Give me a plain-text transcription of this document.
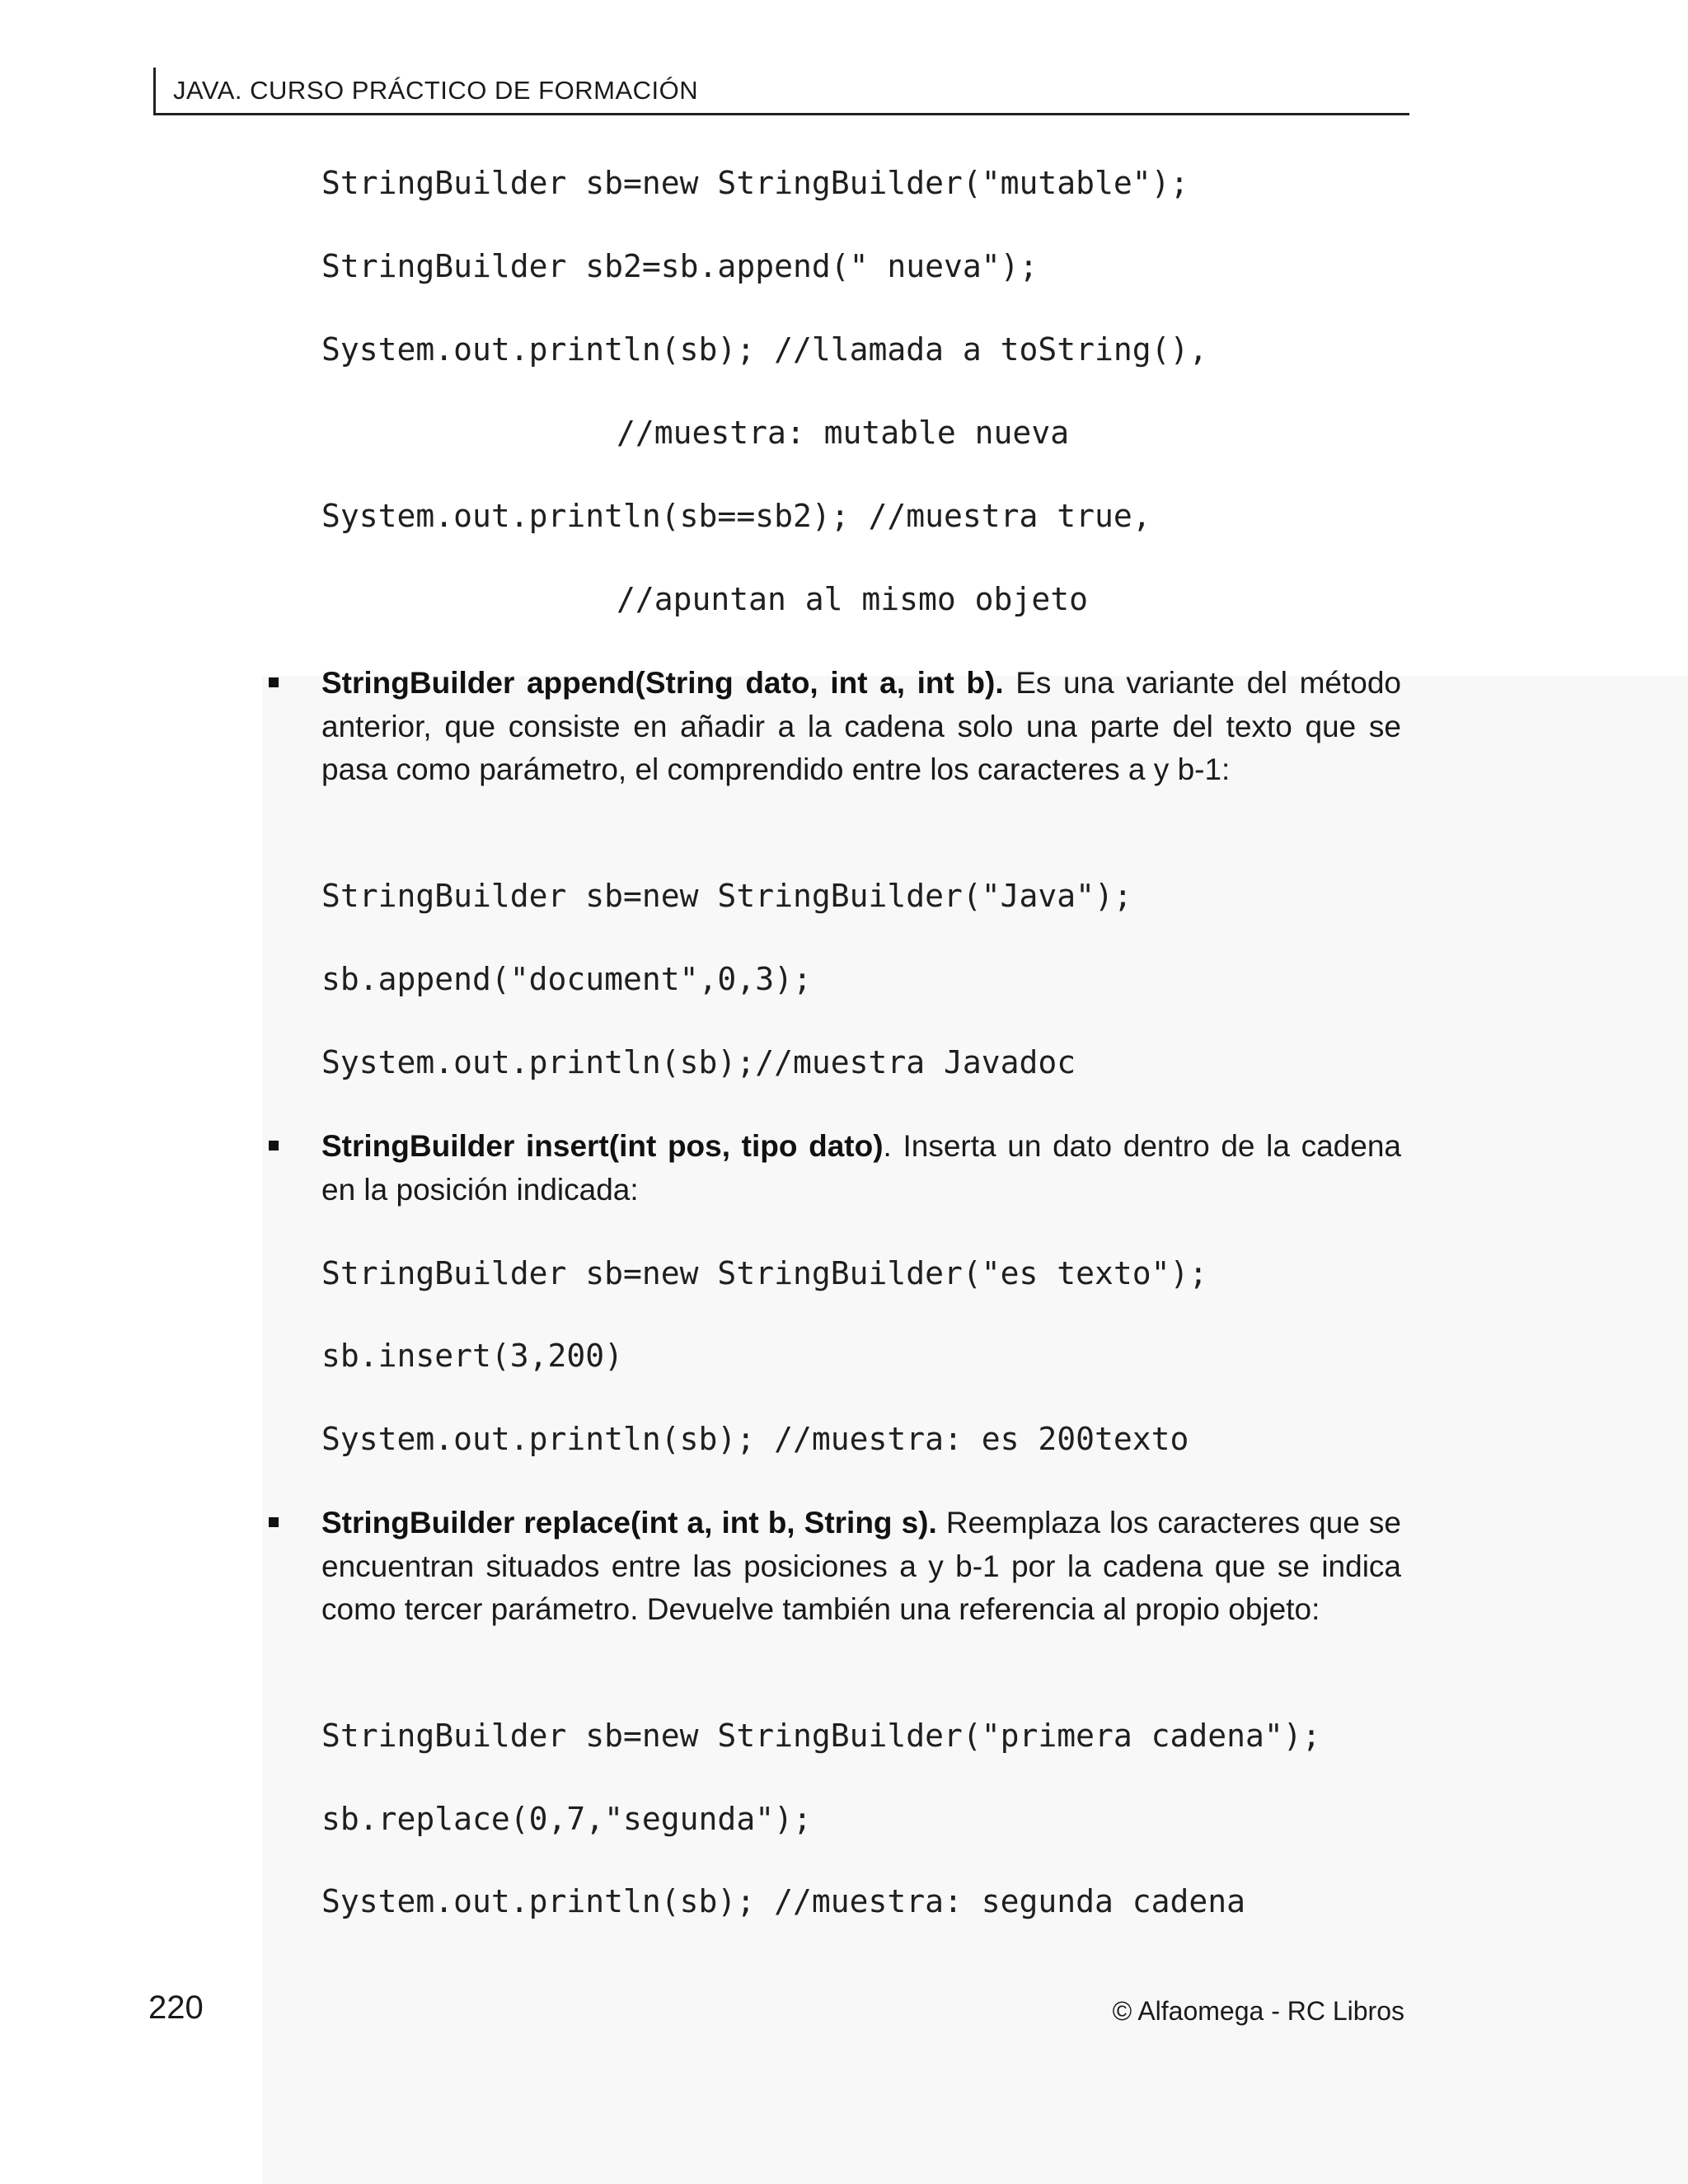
JAVA. CURSO PRÁCTICO DE FORMACIÓN
StringBuilder sb=new StringBuilder("mutable");
StringBuilder sb2=sb.append(" nueva");
System.out.println(sb); //llamada a toString(),
//muestra: mutable nueva
System.out.println(sb==sb2); //muestra true,
//apuntan al mismo objeto
StringBuilder append(String dato, int a, int b). Es una variante del método anterior, que consiste en añadir a la cadena solo una parte del texto que se pasa como parámetro, el comprendido entre los caracteres a y b-1:
StringBuilder sb=new StringBuilder("Java");
sb.append("document",0,3);
System.out.println(sb);//muestra Javadoc
StringBuilder insert(int pos, tipo dato). Inserta un dato dentro de la cadena en la posición indicada:
StringBuilder sb=new StringBuilder("es texto");
sb.insert(3,200)
System.out.println(sb); //muestra: es 200texto
StringBuilder replace(int a, int b, String s). Reemplaza los caracteres que se encuentran situados entre las posiciones a y b-1 por la cadena que se indica como tercer parámetro. Devuelve también una referencia al propio objeto:
StringBuilder sb=new StringBuilder("primera cadena");
sb.replace(0,7,"segunda");
System.out.println(sb); //muestra: segunda cadena
220	© Alfaomega - RC Libros
